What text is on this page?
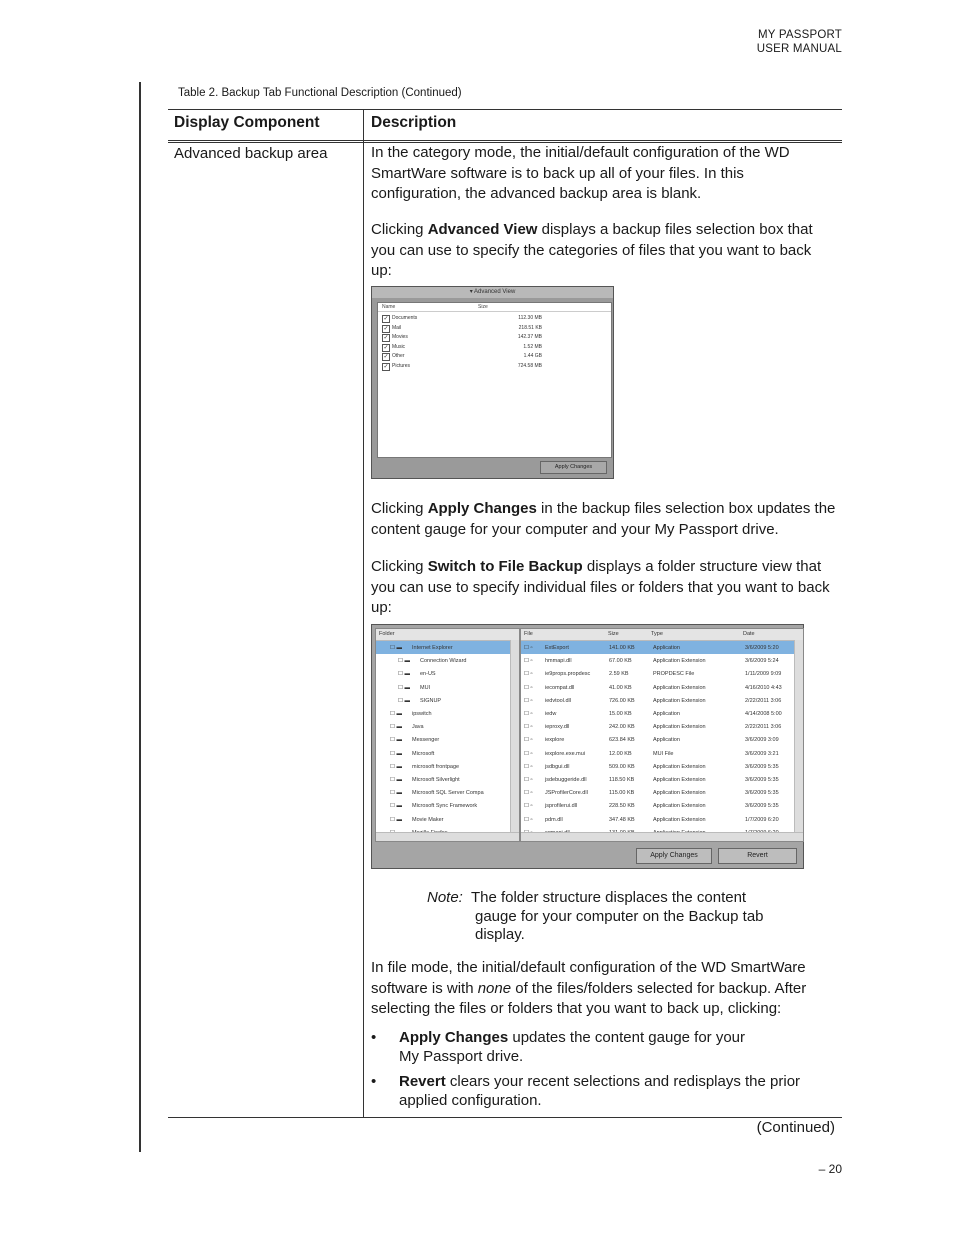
MY PASSPORT
USER MANUAL
Table 2. Backup Tab Functional Description (Continued)
Display Component	Description
Advanced backup area	In the category mode, the initial/default configuration of the WD SmartWare software is to back up all of your files. In this configuration, the advanced backup area is blank.
Clicking Advanced View displays a backup files selection box that you can use to specify the categories of files that you want to back up:
▾ Advanced View
Name	Size
✓ Documents	112.30 MB
✓ Mail	218.51 KB
✓ Movies	142.37 MB
✓ Music	1.52 MB
✓ Other	1.44 GB
✓ Pictures	724.58 MB
Apply Changes
Clicking Apply Changes in the backup files selection box updates the content gauge for your computer and your My Passport drive.
Clicking Switch to File Backup displays a folder structure view that you can use to specify individual files or folders that you want to back up:
Folder
☐ ▬ Internet Explorer
☐ ▬ Connection Wizard
☐ ▬ en-US
☐ ▬ MUI
☐ ▬ SIGNUP
☐ ▬ ipswitch
☐ ▬ Java
☐ ▬ Messenger
☐ ▬ Microsoft
☐ ▬ microsoft frontpage
☐ ▬ Microsoft Silverlight
☐ ▬ Microsoft SQL Server Compa
☐ ▬ Microsoft Sync Framework
☐ ▬ Movie Maker
File	Size	Type	Date
☐ ▫ ExtExport	141.00 KB	Application	3/6/2009 5:20
☐ ▫ hmmapi.dll	67.00 KB	Application Extension	3/6/2009 5:24
☐ ▫ ie9props.propdesc	2.59 KB	PROPDESC File	1/11/2009 9:09
☐ ▫ iecompat.dll	41.00 KB	Application Extension	4/16/2010 4:43
☐ ▫ iedvtool.dll	726.00 KB	Application Extension	2/22/2011 3:06
☐ ▫ iedw	15.00 KB	Application	4/14/2008 5:00
☐ ▫ ieproxy.dll	242.00 KB	Application Extension	2/22/2011 3:06
☐ ▫ iexplore	623.84 KB	Application	3/6/2009 3:09
☐ ▫ iexplore.exe.mui	12.00 KB	MUI File	3/6/2009 3:21
☐ ▫ jsdbgui.dll	509.00 KB	Application Extension	3/6/2009 5:35
☐ ▫ jsdebuggeride.dll	118.50 KB	Application Extension	3/6/2009 5:35
☐ ▫ JSProfilerCore.dll	115.00 KB	Application Extension	3/6/2009 5:35
☐ ▫ jsprofilerui.dll	228.50 KB	Application Extension	3/6/2009 5:35
☐ ▫ pdm.dll	347.48 KB	Application Extension	1/7/2009 6:20
Apply Changes	Revert
Note: The folder structure displaces the content
gauge for your computer on the Backup tab
display.
In file mode, the initial/default configuration of the WD SmartWare software is with none of the files/folders selected for backup. After selecting the files or folders that you want to back up, clicking:
• Apply Changes updates the content gauge for your
My Passport drive.
• Revert clears your recent selections and redisplays the prior
applied configuration.
(Continued)
– 20
